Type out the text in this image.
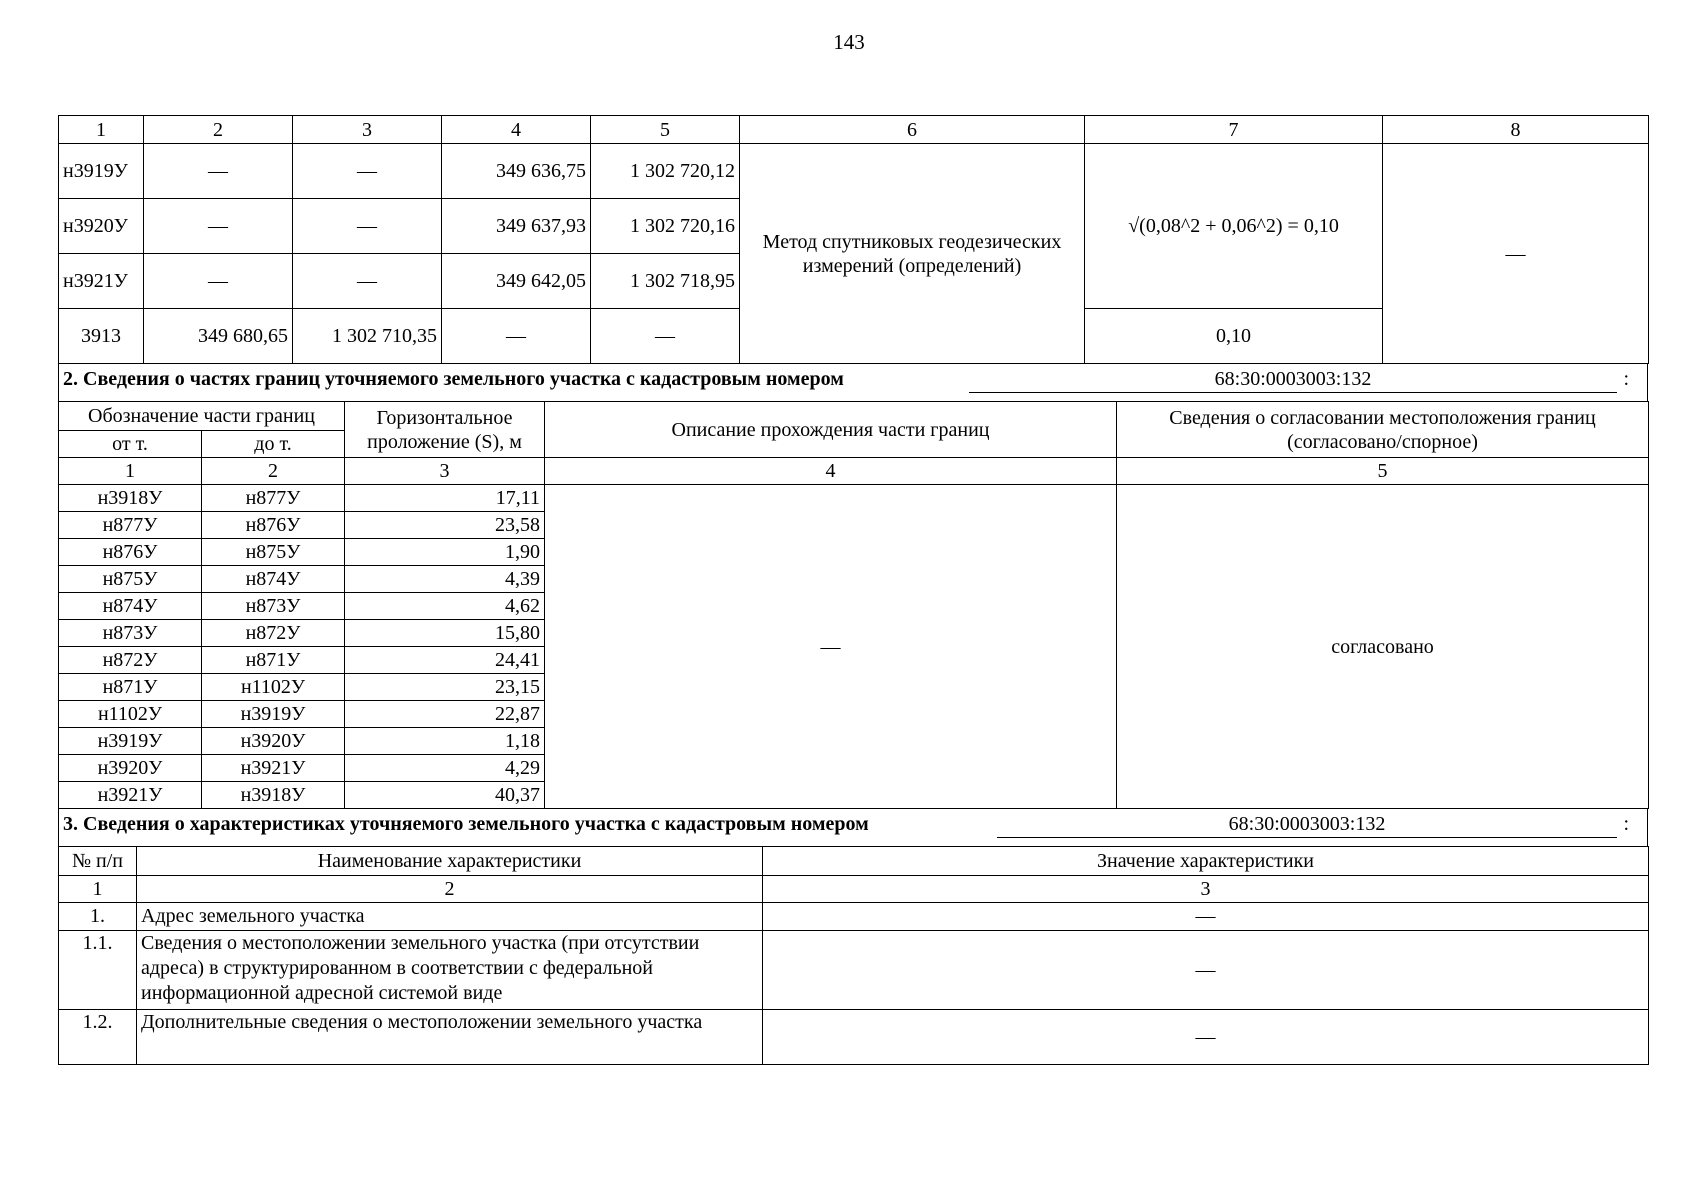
143
1	2	3	4	5	6	7	8
н3919У	—	—	349 636,75	1 302 720,12	Метод спутниковых геодезических измерений (определений)	√(0,08^2 + 0,06^2) = 0,10	—
н3920У	—	—	349 637,93	1 302 720,16			
н3921У	—	—	349 642,05	1 302 718,95			
3913	349 680,65	1 302 710,35	—	—		0,10	
2. Сведения о частях границ уточняемого земельного участка с кадастровым номером	68:30:0003003:132	:
Обозначение части границ		Горизонтальное проложение (S), м	Описание прохождения части границ	Сведения о согласовании местоположения границ (согласовано/спорное)
от т.	до т.			
1	2	3	4	5
н3918У	н877У	17,11	—	согласовано
н877У	н876У	23,58		
н876У	н875У	1,90		
н875У	н874У	4,39		
н874У	н873У	4,62		
н873У	н872У	15,80		
н872У	н871У	24,41		
н871У	н1102У	23,15		
н1102У	н3919У	22,87		
н3919У	н3920У	1,18		
н3920У	н3921У	4,29		
н3921У	н3918У	40,37		
3. Сведения о характеристиках уточняемого земельного участка с кадастровым номером	68:30:0003003:132	:
№ п/п	Наименование характеристики	Значение характеристики
1	2	3
1.	Адрес земельного участка	—
1.1.	Сведения о местоположении земельного участка (при отсутствии адреса) в структурированном в соответствии с федеральной информационной адресной системой виде	—
1.2.	Дополнительные сведения о местоположении земельного участка	—
